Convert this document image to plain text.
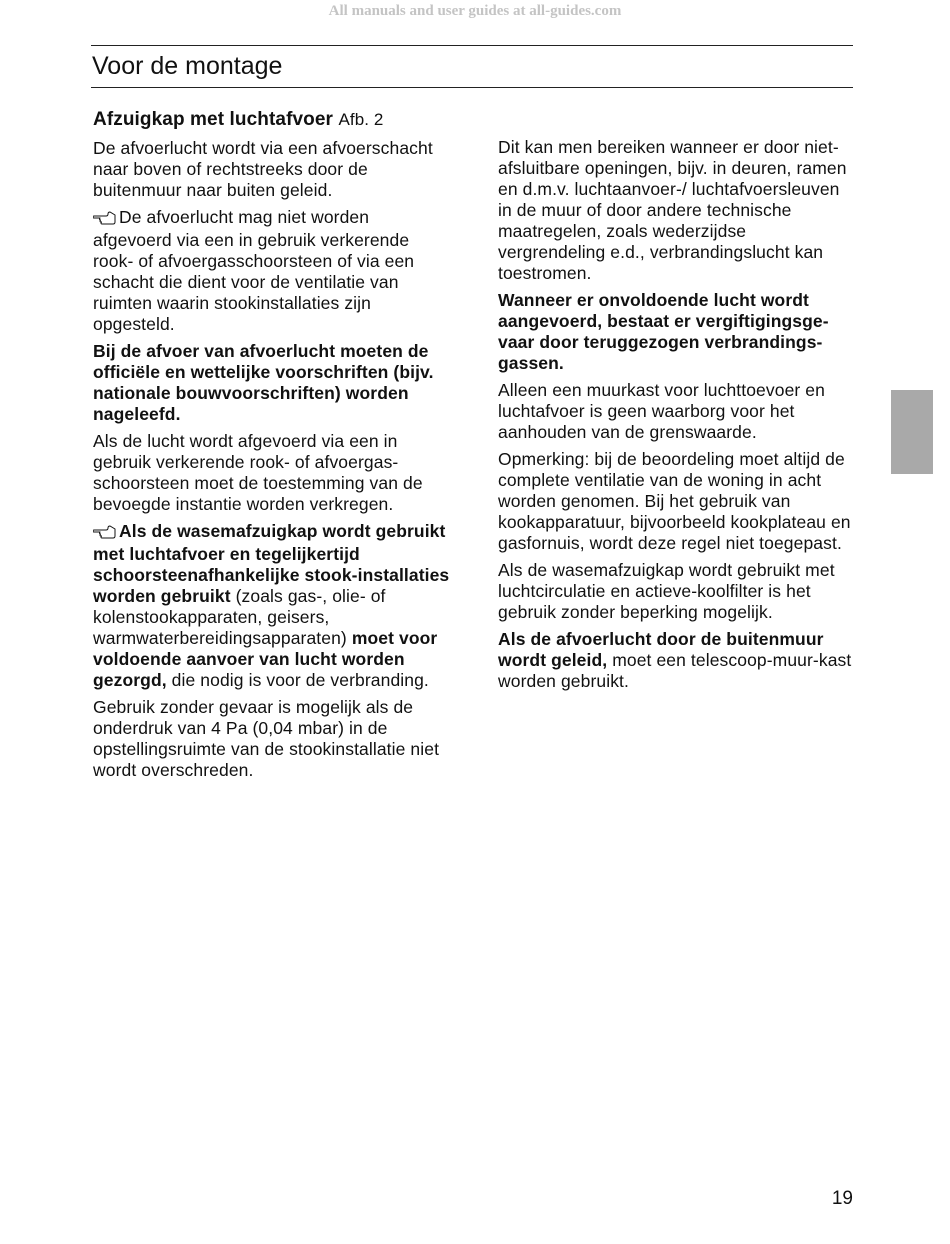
All manuals and user guides at all-guides.com
Voor de montage
Afzuigkap met luchtafvoer Afb. 2

De afvoerlucht wordt via een afvoerschacht naar boven of rechtstreeks door de buitenmuur naar buiten geleid.

De afvoerlucht mag niet worden afgevoerd via een in gebruik verkerende rook- of afvoergasschoorsteen of via een schacht die dient voor de ventilatie van ruimten waarin stookinstallaties zijn opgesteld.

Bij de afvoer van afvoerlucht moeten de officiële en wettelijke voorschriften (bijv. nationale bouwvoorschriften) worden nageleefd.

Als de lucht wordt afgevoerd via een in gebruik verkerende rook- of afvoergas-schoorsteen moet de toestemming van de bevoegde instantie worden verkregen.

Als de wasemafzuigkap wordt gebruikt met luchtafvoer en tegelijkertijd schoorsteenafhankelijke stook-installaties worden gebruikt (zoals gas-, olie- of kolenstookapparaten, geisers, warmwaterbereidingsapparaten) moet voor voldoende aanvoer van lucht worden gezorgd, die nodig is voor de verbranding.

Gebruik zonder gevaar is mogelijk als de onderdruk van 4 Pa (0,04 mbar) in de opstellingsruimte van de stookinstallatie niet wordt overschreden.

Dit kan men bereiken wanneer er door niet-afsluitbare openingen, bijv. in deuren, ramen en d.m.v. luchtaanvoer-/ luchtafvoersleuven in de muur of door andere technische maatregelen, zoals wederzijdse vergrendeling e.d., verbrandingslucht kan toestromen.

Wanneer er onvoldoende lucht wordt aangevoerd, bestaat er vergiftigingsge-vaar door teruggezogen verbrandings-gassen.

Alleen een muurkast voor luchttoevoer en luchtafvoer is geen waarborg voor het aanhouden van de grenswaarde.

Opmerking: bij de beoordeling moet altijd de complete ventilatie van de woning in acht worden genomen. Bij het gebruik van kookapparatuur, bijvoorbeeld kookplateau en gasfornuis, wordt deze regel niet toegepast.

Als de wasemafzuigkap wordt gebruikt met luchtcirculatie en actieve-koolfilter is het gebruik zonder beperking mogelijk.

Als de afvoerlucht door de buitenmuur wordt geleid, moet een telescoop-muur-kast worden gebruikt.

19
